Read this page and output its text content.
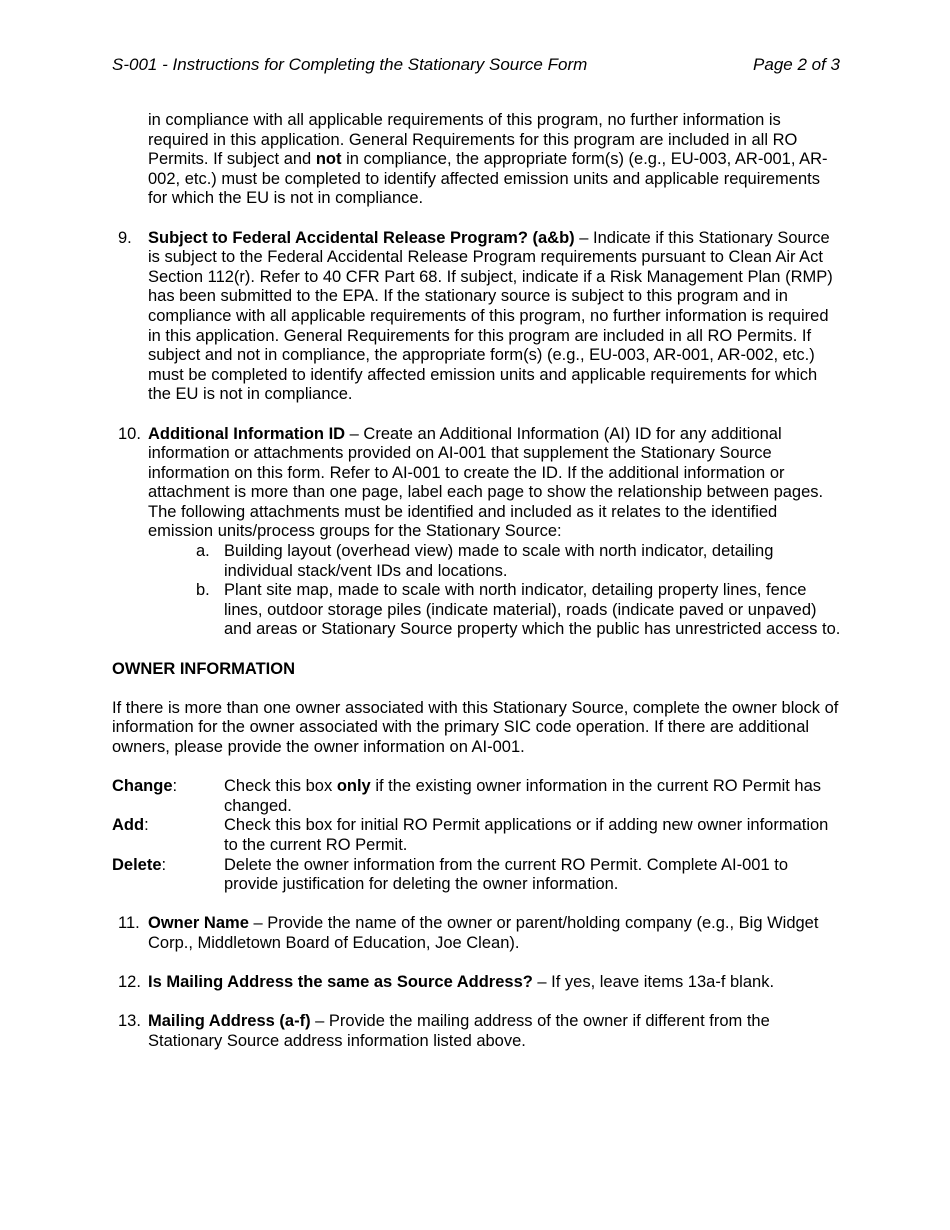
S-001 - Instructions for Completing the Stationary Source Form	Page 2 of 3

in compliance with all applicable requirements of this program, no further information is required in this application. General Requirements for this program are included in all RO Permits. If subject and not in compliance, the appropriate form(s) (e.g., EU-003, AR-001, AR-002, etc.) must be completed to identify affected emission units and applicable requirements for which the EU is not in compliance.

9. Subject to Federal Accidental Release Program? (a&b) – Indicate if this Stationary Source is subject to the Federal Accidental Release Program requirements pursuant to Clean Air Act Section 112(r). Refer to 40 CFR Part 68. If subject, indicate if a Risk Management Plan (RMP) has been submitted to the EPA. If the stationary source is subject to this program and in compliance with all applicable requirements of this program, no further information is required in this application. General Requirements for this program are included in all RO Permits. If subject and not in compliance, the appropriate form(s) (e.g., EU-003, AR-001, AR-002, etc.) must be completed to identify affected emission units and applicable requirements for which the EU is not in compliance.
10. Additional Information ID – Create an Additional Information (AI) ID for any additional information or attachments provided on AI-001 that supplement the Stationary Source information on this form. Refer to AI-001 to create the ID. If the additional information or attachment is more than one page, label each page to show the relationship between pages. The following attachments must be identified and included as it relates to the identified emission units/process groups for the Stationary Source:
a. Building layout (overhead view) made to scale with north indicator, detailing individual stack/vent IDs and locations.
b. Plant site map, made to scale with north indicator, detailing property lines, fence lines, outdoor storage piles (indicate material), roads (indicate paved or unpaved) and areas or Stationary Source property which the public has unrestricted access to.
OWNER INFORMATION

If there is more than one owner associated with this Stationary Source, complete the owner block of information for the owner associated with the primary SIC code operation. If there are additional owners, please provide the owner information on AI-001.

Change:	Check this box only if the existing owner information in the current RO Permit has changed.
Add:	Check this box for initial RO Permit applications or if adding new owner information to the current RO Permit.
Delete:	Delete the owner information from the current RO Permit. Complete AI-001 to provide justification for deleting the owner information.
11. Owner Name – Provide the name of the owner or parent/holding company (e.g., Big Widget Corp., Middletown Board of Education, Joe Clean).
12. Is Mailing Address the same as Source Address? – If yes, leave items 13a-f blank.
13. Mailing Address (a-f) – Provide the mailing address of the owner if different from the Stationary Source address information listed above.
